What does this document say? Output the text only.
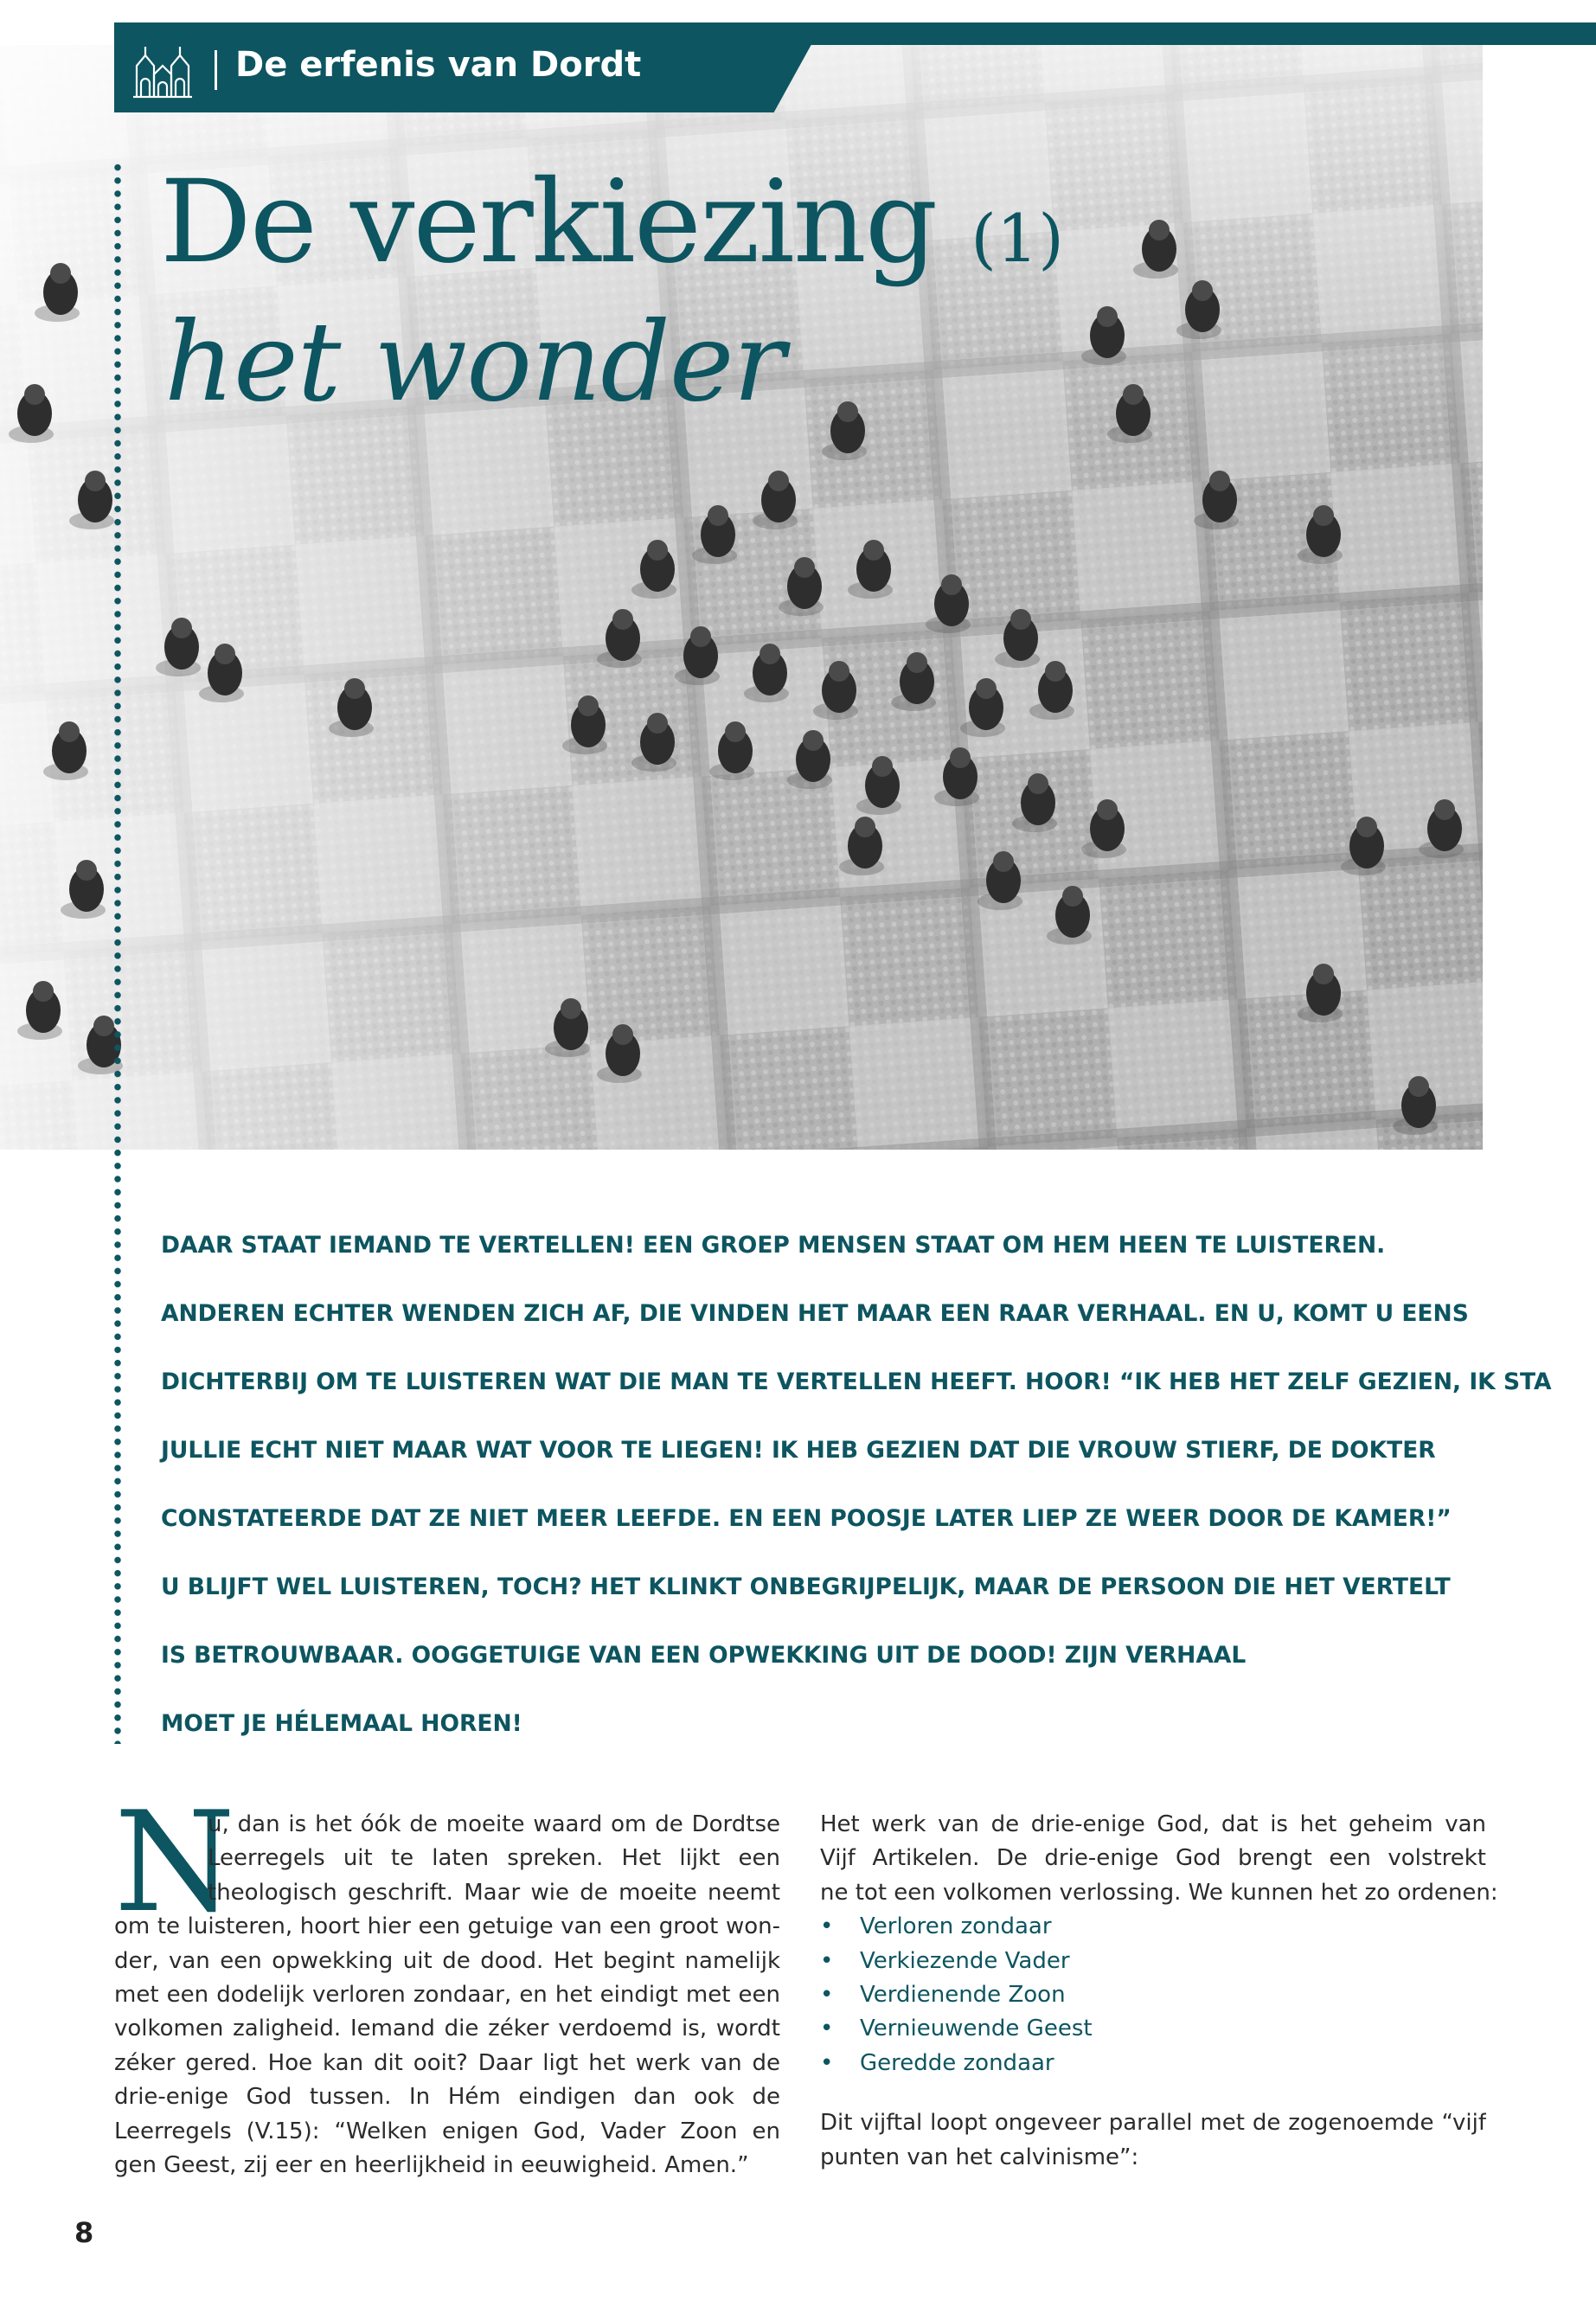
De erfenis van Dordt
De verkiezing (1)
het wonder
DAAR STAAT IEMAND TE VERTELLEN! EEN GROEP MENSEN STAAT OM HEM HEEN TE LUISTEREN.
ANDEREN ECHTER WENDEN ZICH AF, DIE VINDEN HET MAAR EEN RAAR VERHAAL. EN U, KOMT U EENS
DICHTERBIJ OM TE LUISTEREN WAT DIE MAN TE VERTELLEN HEEFT. HOOR! “IK HEB HET ZELF GEZIEN, IK STA
JULLIE ECHT NIET MAAR WAT VOOR TE LIEGEN! IK HEB GEZIEN DAT DIE VROUW STIERF, DE DOKTER
CONSTATEERDE DAT ZE NIET MEER LEEFDE. EN EEN POOSJE LATER LIEP ZE WEER DOOR DE KAMER!”
U BLIJFT WEL LUISTEREN, TOCH? HET KLINKT ONBEGRIJPELIJK, MAAR DE PERSOON DIE HET VERTELT
IS BETROUWBAAR. OOGGETUIGE VAN EEN OPWEKKING UIT DE DOOD! ZIJN VERHAAL
MOET JE HÉLEMAAL HOREN!
N
u, dan is het óók de moeite waard om de Dordtse
Leerregels uit te laten spreken. Het lijkt een
theologisch geschrift. Maar wie de moeite neemt
om te luisteren, hoort hier een getuige van een groot won-
der, van een opwekking uit de dood. Het begint namelijk
met een dodelijk verloren zondaar, en het eindigt met een
volkomen zaligheid. Iemand die zéker verdoemd is, wordt
zéker gered. Hoe kan dit ooit? Daar ligt het werk van de
drie-enige God tussen. In Hém eindigen dan ook de
Leerregels (V.15): “Welken enigen God, Vader Zoon en
gen Geest, zij eer en heerlijkheid in eeuwigheid. Amen.”
Het werk van de drie-enige God, dat is het geheim van
Vijf Artikelen. De drie-enige God brengt een volstrekt
ne tot een volkomen verlossing. We kunnen het zo ordenen:
• Verloren zondaar
• Verkiezende Vader
• Verdienende Zoon
• Vernieuwende Geest
• Geredde zondaar
Dit vijftal loopt ongeveer parallel met de zogenoemde “vijf
punten van het calvinisme”:
8
